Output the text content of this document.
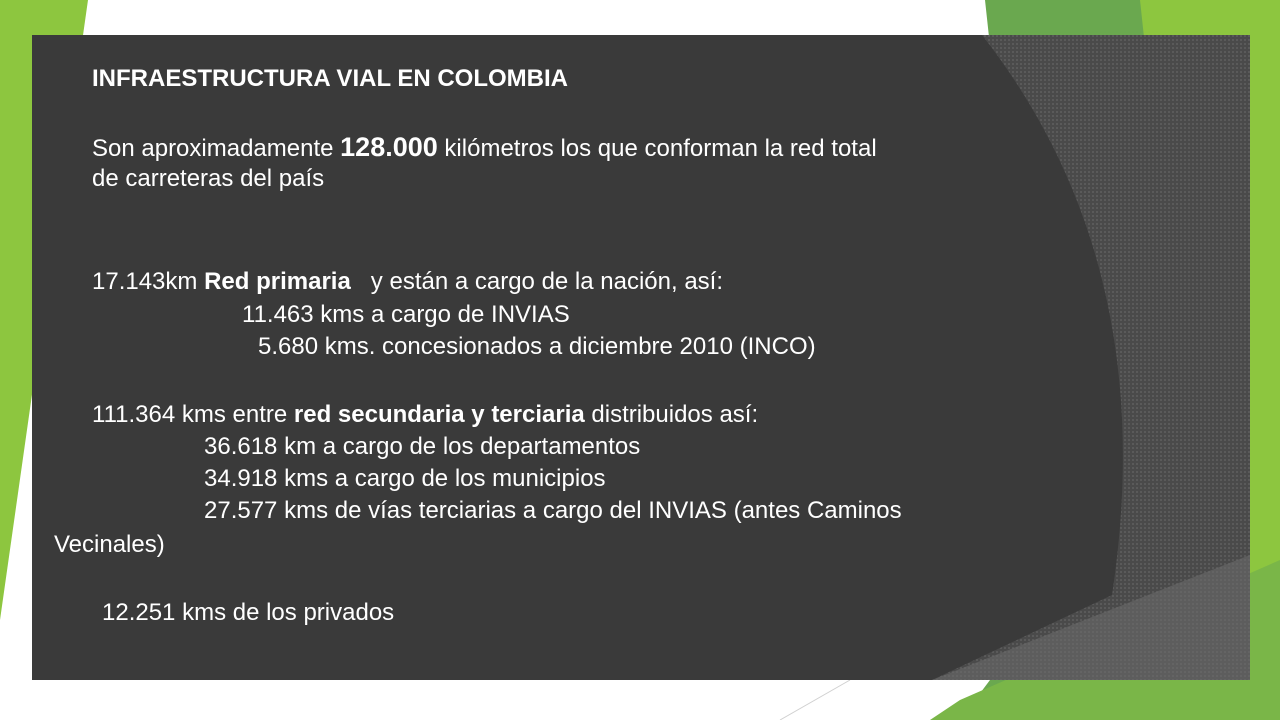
INFRAESTRUCTURA VIAL EN COLOMBIA
Son aproximadamente 128.000 kilómetros los que conforman la red total
de carreteras del país
17.143km Red primaria   y están a cargo de la nación, así:
11.463 kms a cargo de INVIAS
5.680 kms. concesionados a diciembre 2010 (INCO)
111.364 kms entre red secundaria y terciaria distribuidos así:
36.618 km a cargo de los departamentos
34.918 kms a cargo de los municipios
27.577 kms de vías terciarias a cargo del INVIAS (antes Caminos
Vecinales)
12.251 kms de los privados
